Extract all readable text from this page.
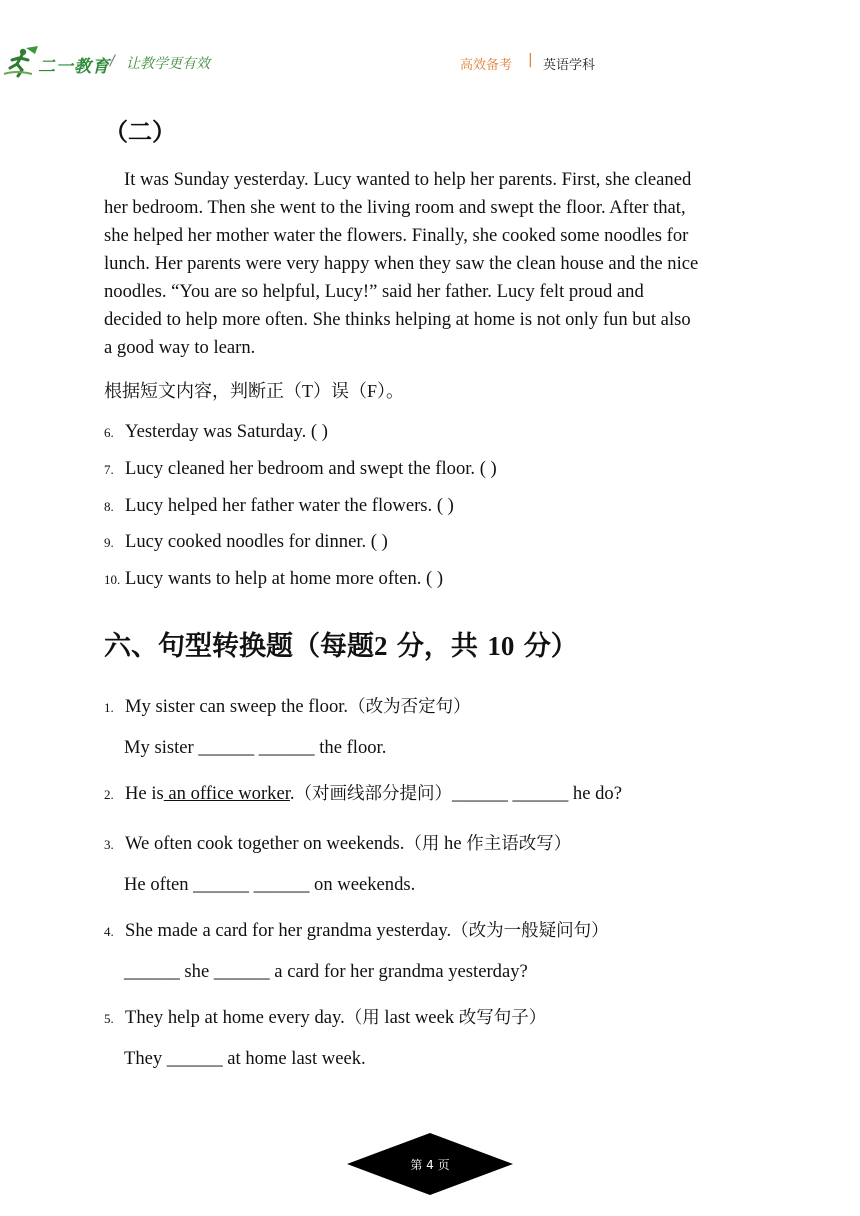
二一教育 / 让教学更有效	高效备考 | 英语学科
（二）

It was Sunday yesterday. Lucy wanted to help her parents. First, she cleaned
her bedroom. Then she went to the living room and swept the floor. After that,
she helped her mother water the flowers. Finally, she cooked some noodles for
lunch. Her parents were very happy when they saw the clean house and the nice
noodles. “You are so helpful, Lucy!” said her father. Lucy felt proud and
decided to help more often. She thinks helping at home is not only fun but also
a good way to learn.

根据短文内容，判断正（T）误（F）。
6. Yesterday was Saturday. ( )
7. Lucy cleaned her bedroom and swept the floor. ( )
8. Lucy helped her father water the flowers. ( )
9. Lucy cooked noodles for dinner. ( )
10. Lucy wants to help at home more often. ( )
六、句型转换题（每题2 分，共 10 分）
1. My sister can sweep the floor.（改为否定句）
My sister ______ ______ the floor.
2. He is an office worker.（对画线部分提问）______ ______ he do?
3. We often cook together on weekends.（用 he 作主语改写）
He often ______ ______ on weekends.
4. She made a card for her grandma yesterday.（改为一般疑问句）
______ she ______ a card for her grandma yesterday?
5. They help at home every day.（用 last week 改写句子）
They ______ at home last week.
第 4 页
